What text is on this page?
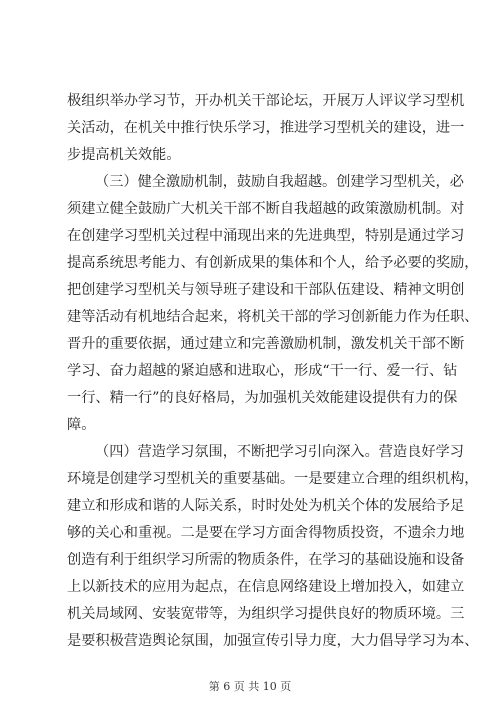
极组织举办学习节，开办机关干部论坛，开展万人评议学习型机
关活动，在机关中推行快乐学习，推进学习型机关的建设，进一
步提高机关效能。
（三）健全激励机制，鼓励自我超越。创建学习型机关，必
须建立健全鼓励广大机关干部不断自我超越的政策激励机制。对
在创建学习型机关过程中涌现出来的先进典型，特别是通过学习
提高系统思考能力、有创新成果的集体和个人，给予必要的奖励，
把创建学习型机关与领导班子建设和干部队伍建设、精神文明创
建等活动有机地结合起来，将机关干部的学习创新能力作为任职、
晋升的重要依据，通过建立和完善激励机制，激发机关干部不断
学习、奋力超越的紧迫感和进取心，形成“干一行、爱一行、钻
一行、精一行”的良好格局，为加强机关效能建设提供有力的保
障。
（四）营造学习氛围，不断把学习引向深入。营造良好学习
环境是创建学习型机关的重要基础。一是要建立合理的组织机构，
建立和形成和谐的人际关系，时时处处为机关个体的发展给予足
够的关心和重视。二是要在学习方面舍得物质投资，不遗余力地
创造有利于组织学习所需的物质条件，在学习的基础设施和设备
上以新技术的应用为起点，在信息网络建设上增加投入，如建立
机关局域网、安装宽带等，为组织学习提供良好的物质环境。三
是要积极营造舆论氛围，加强宣传引导力度，大力倡导学习为本、
第 6 页 共 10 页
